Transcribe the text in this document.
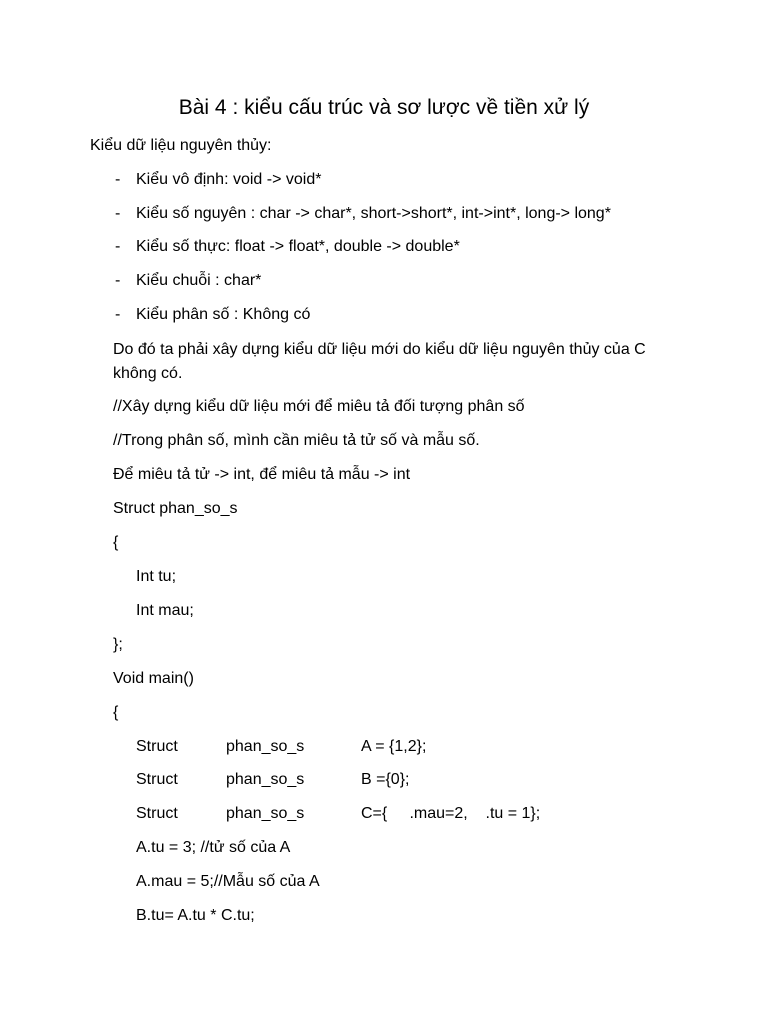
Bài 4 : kiểu cấu trúc và sơ lược về tiền xử lý
Kiểu dữ liệu nguyên thủy:
- Kiểu vô định: void -> void*
- Kiểu số nguyên : char -> char*, short->short*, int->int*, long-> long*
- Kiểu số thực: float -> float*, double -> double*
- Kiểu chuỗi : char*
- Kiểu phân số : Không có
Do đó ta phải xây dựng kiểu dữ liệu mới do kiểu dữ liệu nguyên thủy của C không có.
//Xây dựng kiểu dữ liệu mới để miêu tả đối tượng phân số
//Trong phân số, mình cần miêu tả tử số và mẫu số.
Để miêu tả tử -> int, để miêu tả mẫu -> int
Struct phan_so_s
{
Int tu;
Int mau;
};
Void main()
{
Struct	phan_so_s	A = {1,2};
Struct	phan_so_s	B ={0};
Struct	phan_so_s	C={     .mau=2,    .tu = 1};
A.tu = 3; //tử số của A
A.mau = 5;//Mẫu số của A
B.tu= A.tu * C.tu;
